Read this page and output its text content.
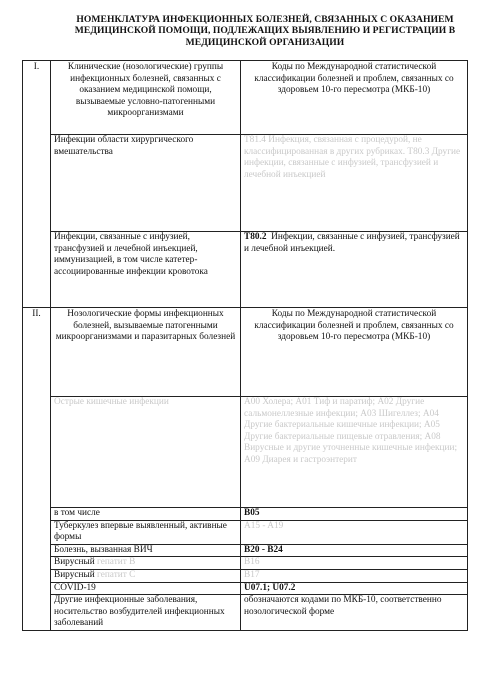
НОМЕНКЛАТУРА ИНФЕКЦИОННЫХ БОЛЕЗНЕЙ, СВЯЗАННЫХ С ОКАЗАНИЕМ
МЕДИЦИНСКОЙ ПОМОЩИ, ПОДЛЕЖАЩИХ ВЫЯВЛЕНИЮ И РЕГИСТРАЦИИ В
МЕДИЦИНСКОЙ ОРГАНИЗАЦИИ
I.	Клинические (нозологические) группы инфекционных болезней, связанных с оказанием медицинской помощи, вызываемые условно-патогенными микроорганизмами	Коды по Международной статистической классификации болезней и проблем, связанных со здоровьем 10-го пересмотра (МКБ-10)
	Инфекции области хирургического вмешательства	T81.4 Инфекция, связанная с процедурой, не классифицированная в других рубриках. T80.3 Другие инфекции, связанные с инфузией, трансфузией и лечебной инъекцией
	Инфекции, связанные с инфузией, трансфузией и лечебной инъекцией, иммунизацией, в том числе катетер-ассоциированные инфекции кровотока	T80.2 Инфекции, связанные с инфузией, трансфузией и лечебной инъекцией.
II.	Нозологические формы инфекционных болезней, вызываемые патогенными микроорганизмами и паразитарных болезней	Коды по Международной статистической классификации болезней и проблем, связанных со здоровьем 10-го пересмотра (МКБ-10)
	Острые кишечные инфекции	A00 Холера; A01 Тиф и паратиф; A02 Другие сальмонеллезные инфекции; A03 Шигеллез; A04 Другие бактериальные кишечные инфекции; A05 Другие бактериальные пищевые отравления; A08 Вирусные и другие уточненные кишечные инфекции; A09 Диарея и гастроэнтерит
	в том числе	B05
	Туберкулез впервые выявленный, активные формы	A15 - A19
	Болезнь, вызванная ВИЧ	B20 - B24
	Вирусный гепатит В	B16
	Вирусный гепатит С	B17
	COVID-19	U07.1; U07.2
	Другие инфекционные заболевания, носительство возбудителей инфекционных заболеваний	обозначаются кодами по МКБ-10, соответственно нозологической форме
